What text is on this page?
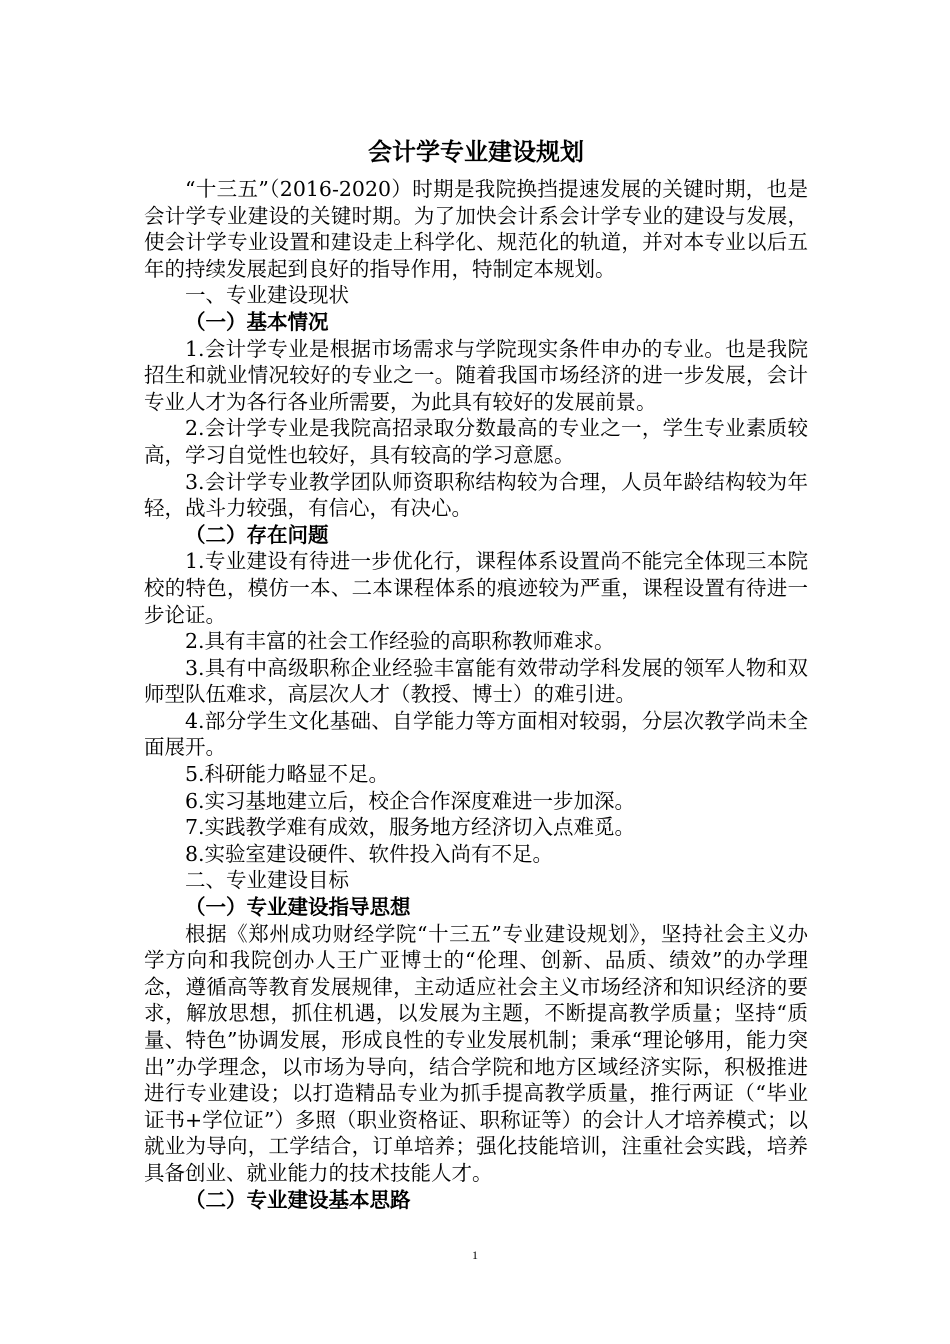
会计学专业建设规划

“十三五”（2016-2020）时期是我院换挡提速发展的关键时期，也是会计学专业建设的关键时期。为了加快会计系会计学专业的建设与发展，使会计学专业设置和建设走上科学化、规范化的轨道，并对本专业以后五年的持续发展起到良好的指导作用，特制定本规划。

一、专业建设现状

（一）基本情况

1.会计学专业是根据市场需求与学院现实条件申办的专业。也是我院招生和就业情况较好的专业之一。随着我国市场经济的进一步发展，会计专业人才为各行各业所需要，为此具有较好的发展前景。

2.会计学专业是我院高招录取分数最高的专业之一，学生专业素质较高，学习自觉性也较好，具有较高的学习意愿。

3.会计学专业教学团队师资职称结构较为合理，人员年龄结构较为年轻，战斗力较强，有信心，有决心。

（二）存在问题

1.专业建设有待进一步优化行，课程体系设置尚不能完全体现三本院校的特色，模仿一本、二本课程体系的痕迹较为严重，课程设置有待进一步论证。

2.具有丰富的社会工作经验的高职称教师难求。

3.具有中高级职称企业经验丰富能有效带动学科发展的领军人物和双师型队伍难求，高层次人才（教授、博士）的难引进。

4.部分学生文化基础、自学能力等方面相对较弱，分层次教学尚未全面展开。

5.科研能力略显不足。

6.实习基地建立后，校企合作深度难进一步加深。

7.实践教学难有成效，服务地方经济切入点难觅。

8.实验室建设硬件、软件投入尚有不足。

二、专业建设目标

（一）专业建设指导思想

根据《郑州成功财经学院“十三五”专业建设规划》，坚持社会主义办学方向和我院创办人王广亚博士的“伦理、创新、品质、绩效”的办学理念，遵循高等教育发展规律，主动适应社会主义市场经济和知识经济的要求，解放思想，抓住机遇，以发展为主题，不断提高教学质量；坚持“质量、特色”协调发展，形成良性的专业发展机制；秉承“理论够用，能力突出”办学理念，以市场为导向，结合学院和地方区域经济实际，积极推进进行专业建设；以打造精品专业为抓手提高教学质量，推行两证（“毕业证书+学位证”）多照（职业资格证、职称证等）的会计人才培养模式；以就业为导向，工学结合，订单培养；强化技能培训，注重社会实践，培养具备创业、就业能力的技术技能人才。

（二）专业建设基本思路

1
